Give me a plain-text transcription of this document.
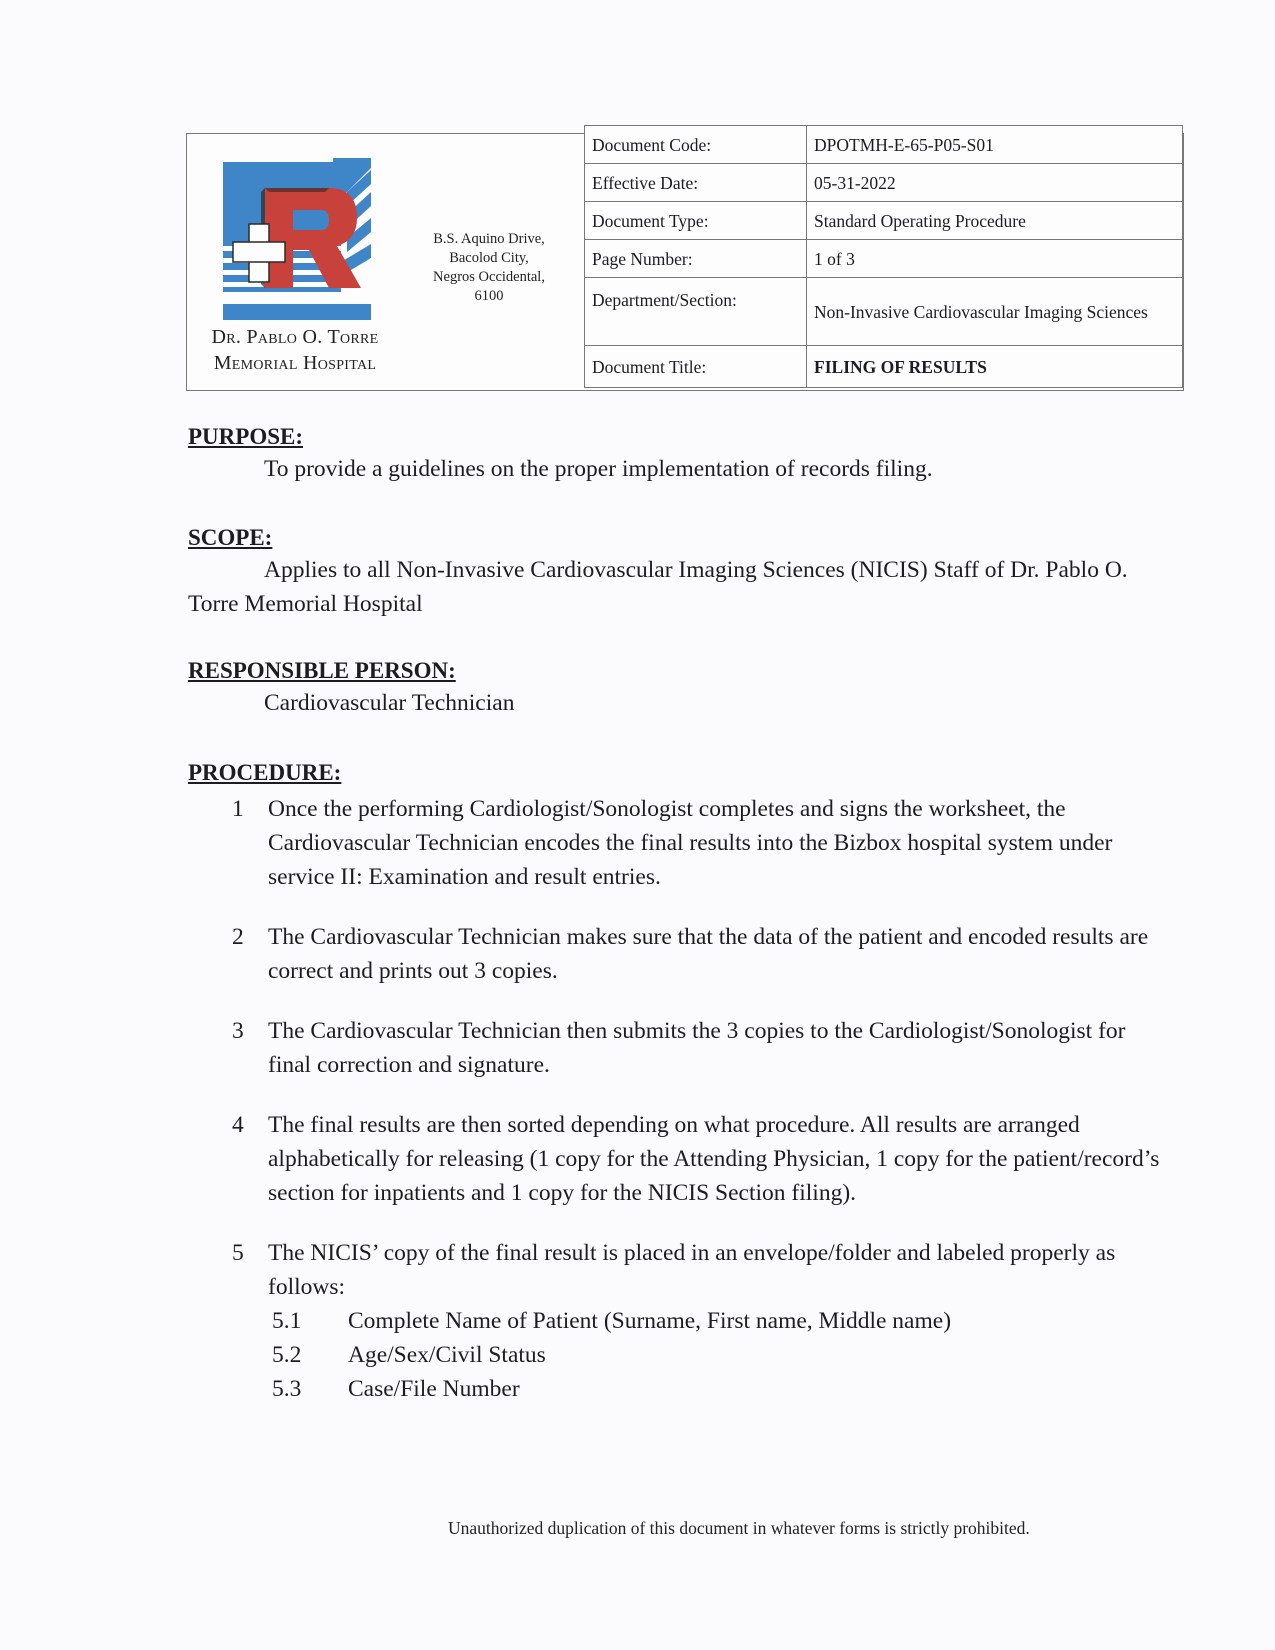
Dr. Pablo O. Torre
Memorial Hospital
B.S. Aquino Drive,
Bacolod City,
Negros Occidental,
6100
Document Code:	DPOTMH-E-65-P05-S01
Effective Date:	05-31-2022
Document Type:	Standard Operating Procedure
Page Number:	1 of 3
Department/Section:	Non-Invasive Cardiovascular Imaging Sciences
Document Title:	FILING OF RESULTS

PURPOSE:

To provide a guidelines on the proper implementation of records filing.

SCOPE:

Applies to all Non-Invasive Cardiovascular Imaging Sciences (NICIS) Staff of Dr. Pablo O. Torre Memorial Hospital

RESPONSIBLE PERSON:

Cardiovascular Technician

PROCEDURE:

1	Once the performing Cardiologist/Sonologist completes and signs the worksheet, the Cardiovascular Technician encodes the final results into the Bizbox hospital system under service II: Examination and result entries.
2	The Cardiovascular Technician makes sure that the data of the patient and encoded results are correct and prints out 3 copies.
3	The Cardiovascular Technician then submits the 3 copies to the Cardiologist/Sonologist for final correction and signature.
4	The final results are then sorted depending on what procedure. All results are arranged alphabetically for releasing (1 copy for the Attending Physician, 1 copy for the patient/record’s section for inpatients and 1 copy for the NICIS Section filing).
5	The NICIS’ copy of the final result is placed in an envelope/folder and labeled properly as follows:
5.1 Complete Name of Patient (Surname, First name, Middle name)
5.2 Age/Sex/Civil Status
5.3 Case/File Number
Unauthorized duplication of this document in whatever forms is strictly prohibited.
